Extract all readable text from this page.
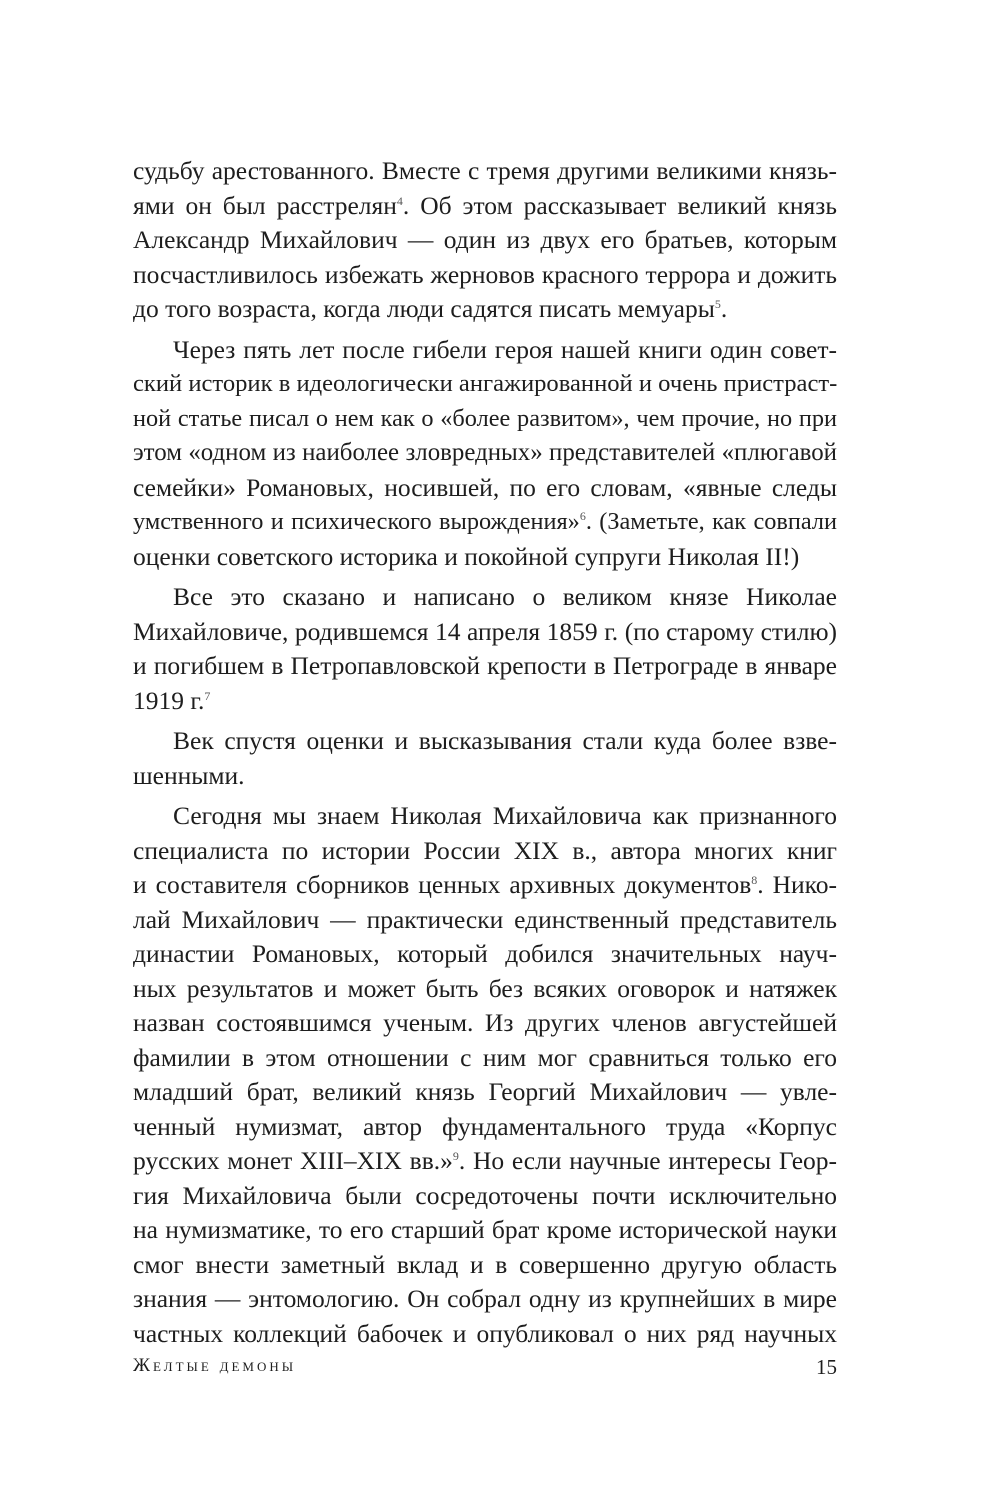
судьбу арестованного. Вместе с тремя другими великими князь-
ями он был расстрелян$^4$. Об этом рассказывает великий князь
Александр Михайлович — один из двух его братьев, которым
посчастливилось избежать жерновов красного террора и дожить
до того возраста, когда люди садятся писать мемуары$^5$.
Через пять лет после гибели героя нашей книги один совет-
ский историк в идеологически ангажированной и очень пристраст-
ной статье писал о нем как о «более развитом», чем прочие, но при
этом «одном из наиболее зловредных» представителей «плюгавой
семейки» Романовых, носившей, по его словам, «явные следы
умственного и психического вырождения»$^6$. (Заметьте, как совпали
оценки советского историка и покойной супруги Николая II!)
Все это сказано и написано о великом князе Николае
Михайловиче, родившемся 14 апреля 1859 г. (по старому стилю)
и погибшем в Петропавловской крепости в Петрограде в январе
1919 г.$^7$
Век спустя оценки и высказывания стали куда более взве-
шенными.
Сегодня мы знаем Николая Михайловича как признанного
специалиста по истории России XIX в., автора многих книг
и составителя сборников ценных архивных документов$^8$. Нико-
лай Михайлович — практически единственный представитель
династии Романовых, который добился значительных науч-
ных результатов и может быть без всяких оговорок и натяжек
назван состоявшимся ученым. Из других членов августейшей
фамилии в этом отношении с ним мог сравниться только его
младший брат, великий князь Георгий Михайлович — увле-
ченный нумизмат, автор фундаментального труда «Корпус
русских монет XIII–XIX вв.»$^9$. Но если научные интересы Геор-
гия Михайловича были сосредоточены почти исключительно
на нумизматике, то его старший брат кроме исторической науки
смог внести заметный вклад и в совершенно другую область
знания — энтомологию. Он собрал одну из крупнейших в мире
частных коллекций бабочек и опубликовал о них ряд научных
Желтые демоны	15
